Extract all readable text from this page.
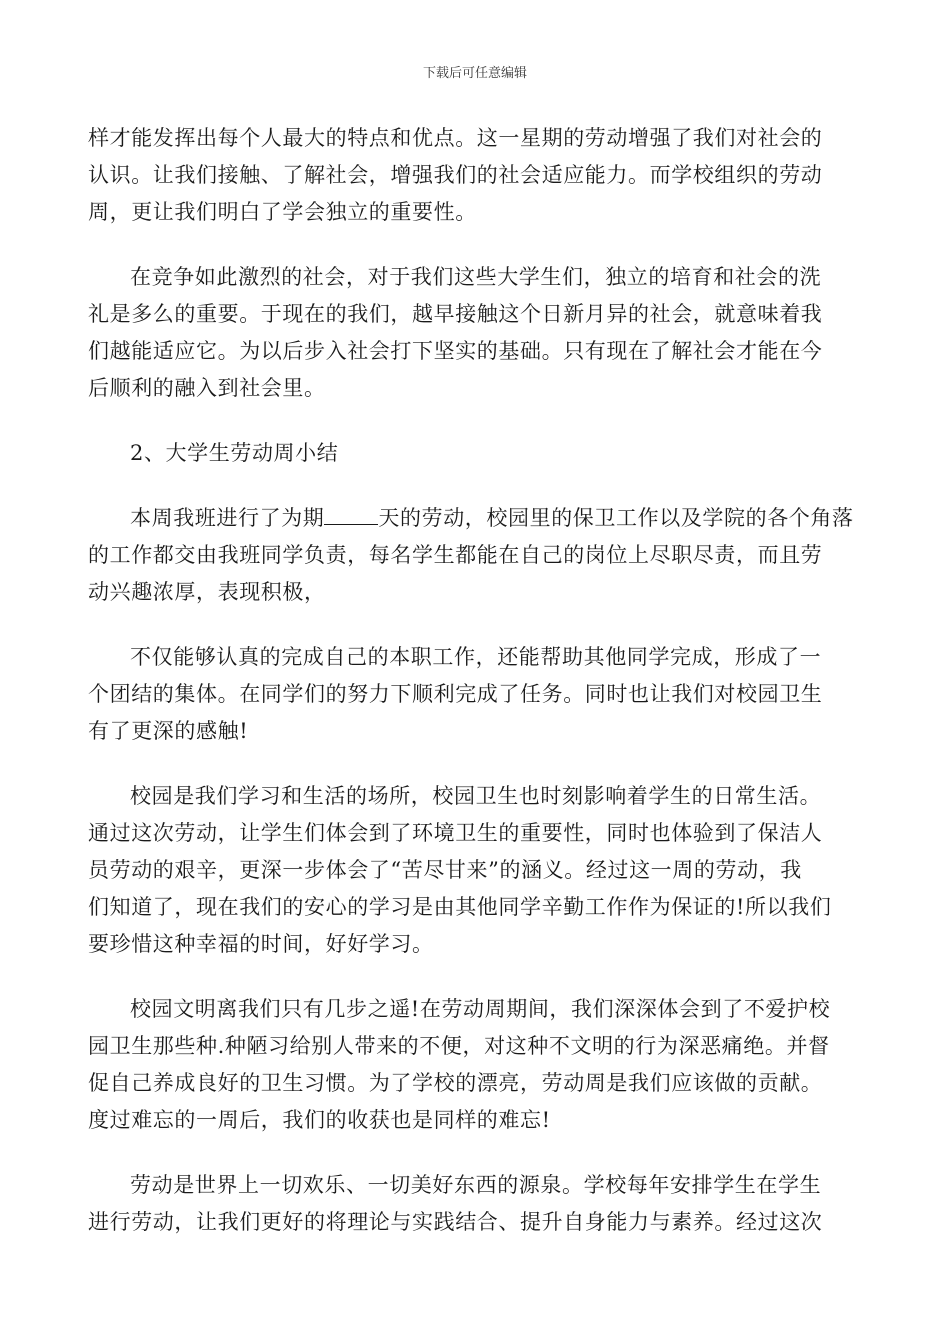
下载后可任意编辑

样才能发挥出每个人最大的特点和优点。这一星期的劳动增强了我们对社会的
认识。让我们接触、了解社会，增强我们的社会适应能力。而学校组织的劳动
周，更让我们明白了学会独立的重要性。

在竞争如此激烈的社会，对于我们这些大学生们，独立的培育和社会的洗
礼是多么的重要。于现在的我们，越早接触这个日新月异的社会，就意味着我
们越能适应它。为以后步入社会打下坚实的基础。只有现在了解社会才能在今
后顺利的融入到社会里。

2、大学生劳动周小结

本周我班进行了为期	天的劳动，校园里的保卫工作以及学院的各个角落
的工作都交由我班同学负责，每名学生都能在自己的岗位上尽职尽责，而且劳
动兴趣浓厚，表现积极，

不仅能够认真的完成自己的本职工作，还能帮助其他同学完成，形成了一
个团结的集体。在同学们的努力下顺利完成了任务。同时也让我们对校园卫生
有了更深的感触!

校园是我们学习和生活的场所，校园卫生也时刻影响着学生的日常生活。
通过这次劳动，让学生们体会到了环境卫生的重要性，同时也体验到了保洁人
员劳动的艰辛，更深一步体会了“苦尽甘来”的涵义。经过这一周的劳动，我
们知道了，现在我们的安心的学习是由其他同学辛勤工作作为保证的!所以我们
要珍惜这种幸福的时间，好好学习。

校园文明离我们只有几步之遥!在劳动周期间，我们深深体会到了不爱护校
园卫生那些种.种陋习给别人带来的不便，对这种不文明的行为深恶痛绝。并督
促自己养成良好的卫生习惯。为了学校的漂亮，劳动周是我们应该做的贡献。
度过难忘的一周后，我们的收获也是同样的难忘!

劳动是世界上一切欢乐、一切美好东西的源泉。学校每年安排学生在学生
进行劳动，让我们更好的将理论与实践结合、提升自身能力与素养。经过这次
